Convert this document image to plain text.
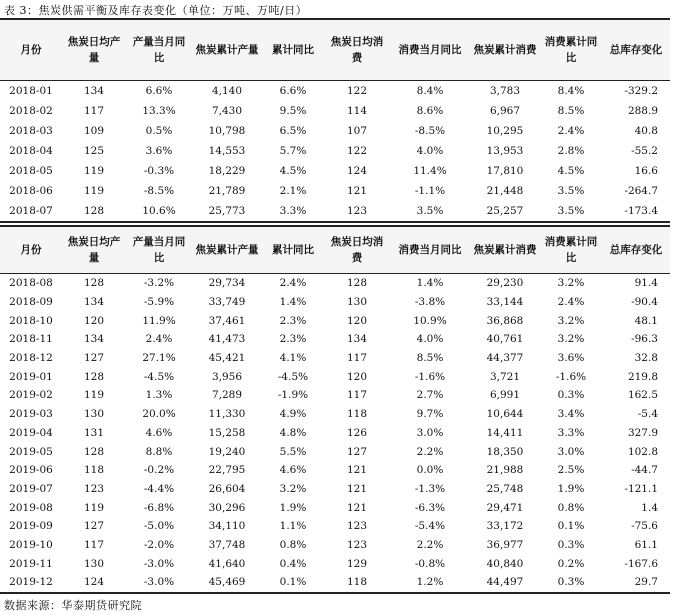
表 3：焦炭供需平衡及库存表变化（单位：万吨、万吨/日）
月份	焦炭日均产量	产量当月同比	焦炭累计产量	累计同比	焦炭日均消费	消费当月同比	焦炭累计消费	消费累计同比	总库存变化
2018-01	134	6.6%	4,140	6.6%	122	8.4%	3,783	8.4%	-329.2
2018-02	117	13.3%	7,430	9.5%	114	8.6%	6,967	8.5%	288.9
2018-03	109	0.5%	10,798	6.5%	107	-8.5%	10,295	2.4%	40.8
2018-04	125	3.6%	14,553	5.7%	122	4.0%	13,953	2.8%	-55.2
2018-05	119	-0.3%	18,229	4.5%	124	11.4%	17,810	4.5%	16.6
2018-06	119	-8.5%	21,789	2.1%	121	-1.1%	21,448	3.5%	-264.7
2018-07	128	10.6%	25,773	3.3%	123	3.5%	25,257	3.5%	-173.4
月份	焦炭日均产量	产量当月同比	焦炭累计产量	累计同比	焦炭日均消费	消费当月同比	焦炭累计消费	消费累计同比	总库存变化
2018-08	128	-3.2%	29,734	2.4%	128	1.4%	29,230	3.2%	91.4
2018-09	134	-5.9%	33,749	1.4%	130	-3.8%	33,144	2.4%	-90.4
2018-10	120	11.9%	37,461	2.3%	120	10.9%	36,868	3.2%	48.1
2018-11	134	2.4%	41,473	2.3%	134	4.0%	40,761	3.2%	-96.3
2018-12	127	27.1%	45,421	4.1%	117	8.5%	44,377	3.6%	32.8
2019-01	128	-4.5%	3,956	-4.5%	120	-1.6%	3,721	-1.6%	219.8
2019-02	119	1.3%	7,289	-1.9%	117	2.7%	6,991	0.3%	162.5
2019-03	130	20.0%	11,330	4.9%	118	9.7%	10,644	3.4%	-5.4
2019-04	131	4.6%	15,258	4.8%	126	3.0%	14,411	3.3%	327.9
2019-05	128	8.8%	19,240	5.5%	127	2.2%	18,350	3.0%	102.8
2019-06	118	-0.2%	22,795	4.6%	121	0.0%	21,988	2.5%	-44.7
2019-07	123	-4.4%	26,604	3.2%	121	-1.3%	25,748	1.9%	-121.1
2019-08	119	-6.8%	30,296	1.9%	121	-6.3%	29,471	0.8%	1.4
2019-09	127	-5.0%	34,110	1.1%	123	-5.4%	33,172	0.1%	-75.6
2019-10	117	-2.0%	37,748	0.8%	123	2.2%	36,977	0.3%	61.1
2019-11	130	-3.0%	41,640	0.4%	129	-0.8%	40,840	0.2%	-167.6
2019-12	124	-3.0%	45,469	0.1%	118	1.2%	44,497	0.3%	29.7
数据来源：华泰期货研究院
